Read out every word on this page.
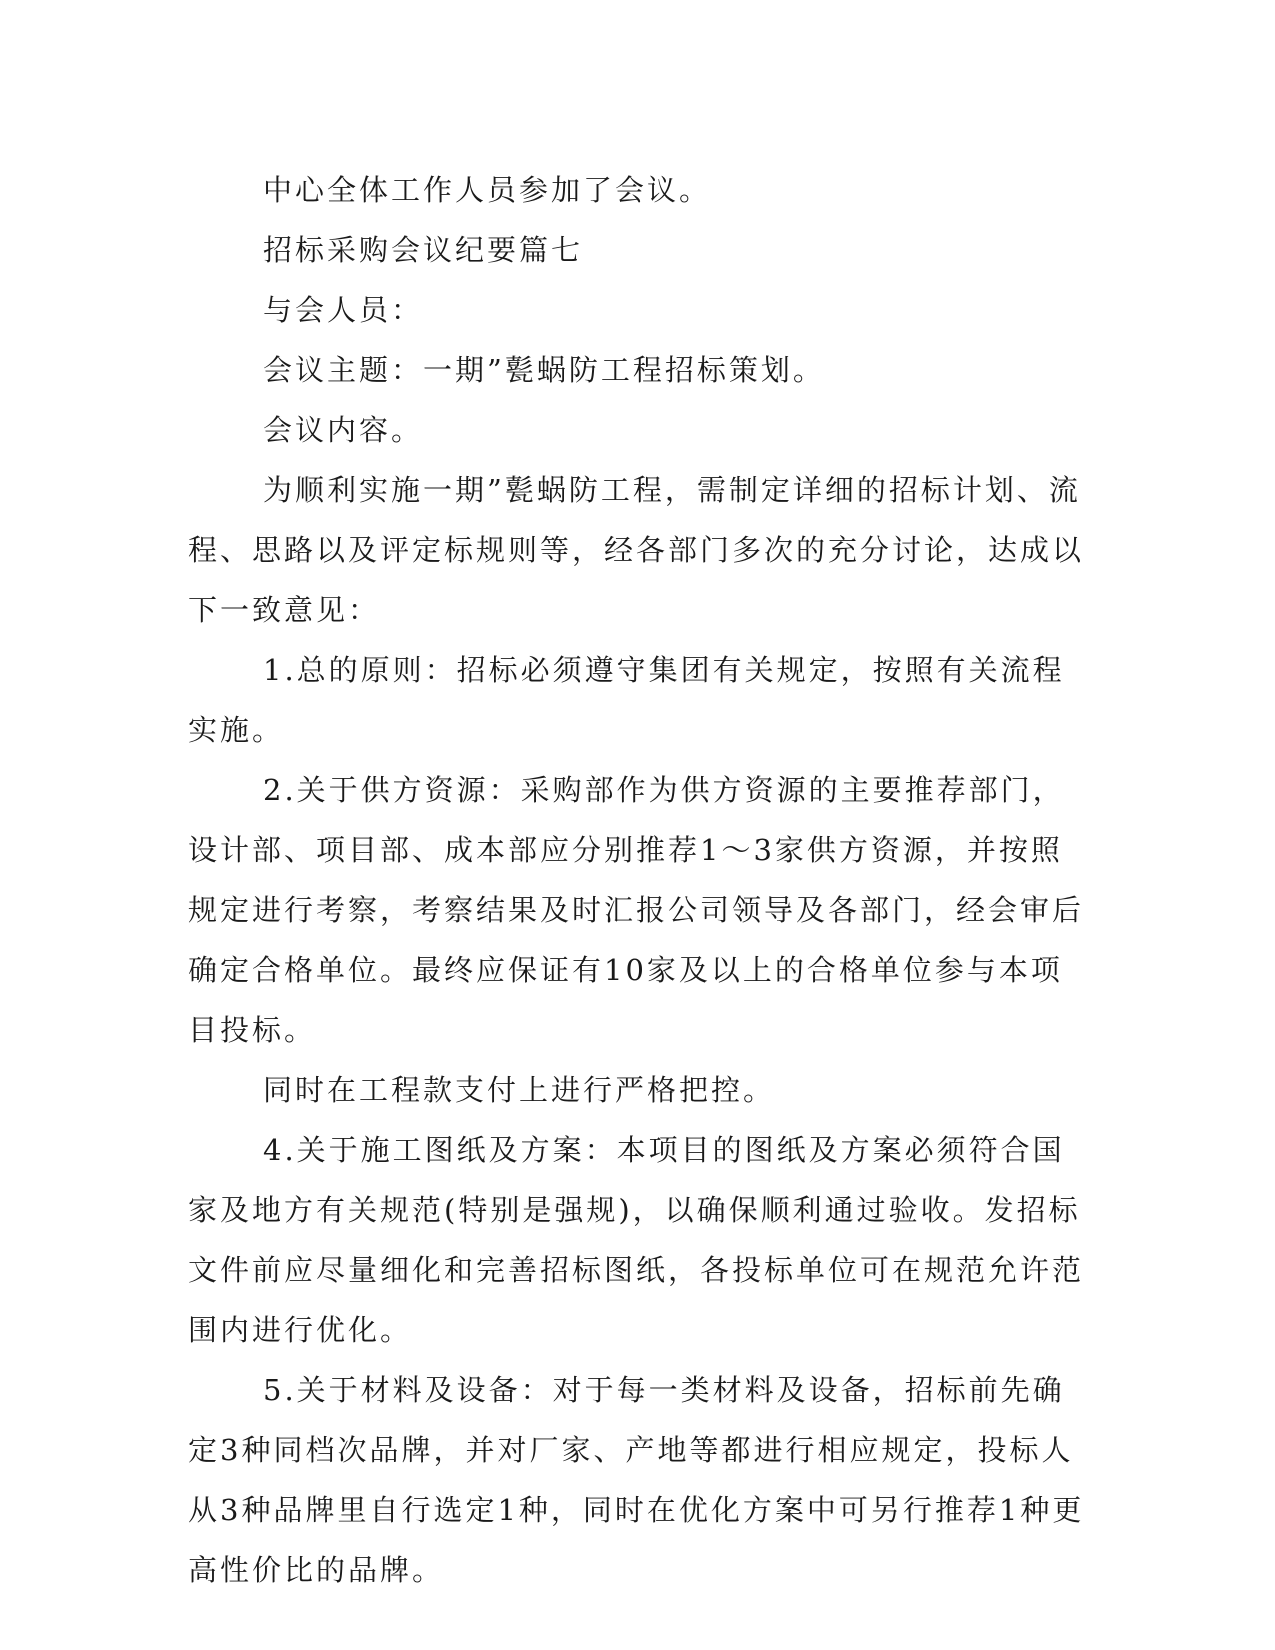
中心全体工作人员参加了会议。

招标采购会议纪要篇七

与会人员：

会议主题：一期”甏蜗防工程招标策划。

会议内容。

为顺利实施一期”甏蜗防工程，需制定详细的招标计划、流程、思路以及评定标规则等，经各部门多次的充分讨论，达成以下一致意见：

1.总的原则：招标必须遵守集团有关规定，按照有关流程实施。

2.关于供方资源：采购部作为供方资源的主要推荐部门，设计部、项目部、成本部应分别推荐1～3家供方资源，并按照规定进行考察，考察结果及时汇报公司领导及各部门，经会审后确定合格单位。最终应保证有10家及以上的合格单位参与本项目投标。

同时在工程款支付上进行严格把控。

4.关于施工图纸及方案：本项目的图纸及方案必须符合国家及地方有关规范(特别是强规)，以确保顺利通过验收。发招标文件前应尽量细化和完善招标图纸，各投标单位可在规范允许范围内进行优化。

5.关于材料及设备：对于每一类材料及设备，招标前先确定3种同档次品牌，并对厂家、产地等都进行相应规定，投标人从3种品牌里自行选定1种，同时在优化方案中可另行推荐1种更高性价比的品牌。
